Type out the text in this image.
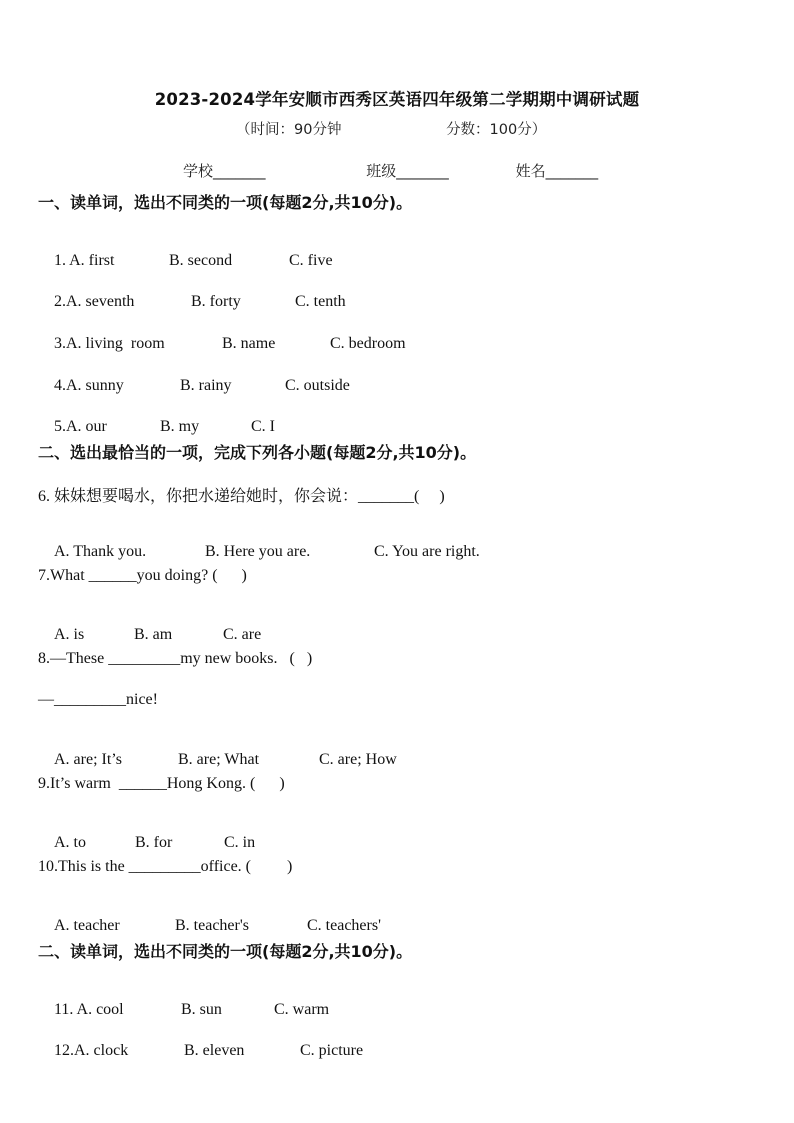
2023-2024学年安顺市西秀区英语四年级第二学期期中调研试题
（时间：90分钟	分数：100分）
学校_______	班级_______	姓名_______
一、读单词，选出不同类的一项(每题2分,共10分)。

1. A. first	B. second	C. five

2.A. seventh	B. forty	C. tenth

3.A. living  room	B. name	C. bedroom

4.A. sunny	B. rainy	C. outside

5.A. our	B. my	C. I

二、选出最恰当的一项，完成下列各小题(每题2分,共10分)。
6. 妹妹想要喝水，你把水递给她时，你会说：_______(     )

A. Thank you.	B. Here you are.	C. You are right.

7.What ______you doing? (      )

A. is	B. am	C. are

8.—These _________my new books.   (   )
—_________nice!

A. are; It’s	B. are; What	C. are; How

9.It’s warm  ______Hong Kong. (      )

A. to	B. for	C. in

10.This is the _________office. (         )

A. teacher	B. teacher's	C. teachers'

二、读单词，选出不同类的一项(每题2分,共10分)。

11. A. cool	B. sun	C. warm

12.A. clock	B. eleven	C. picture
